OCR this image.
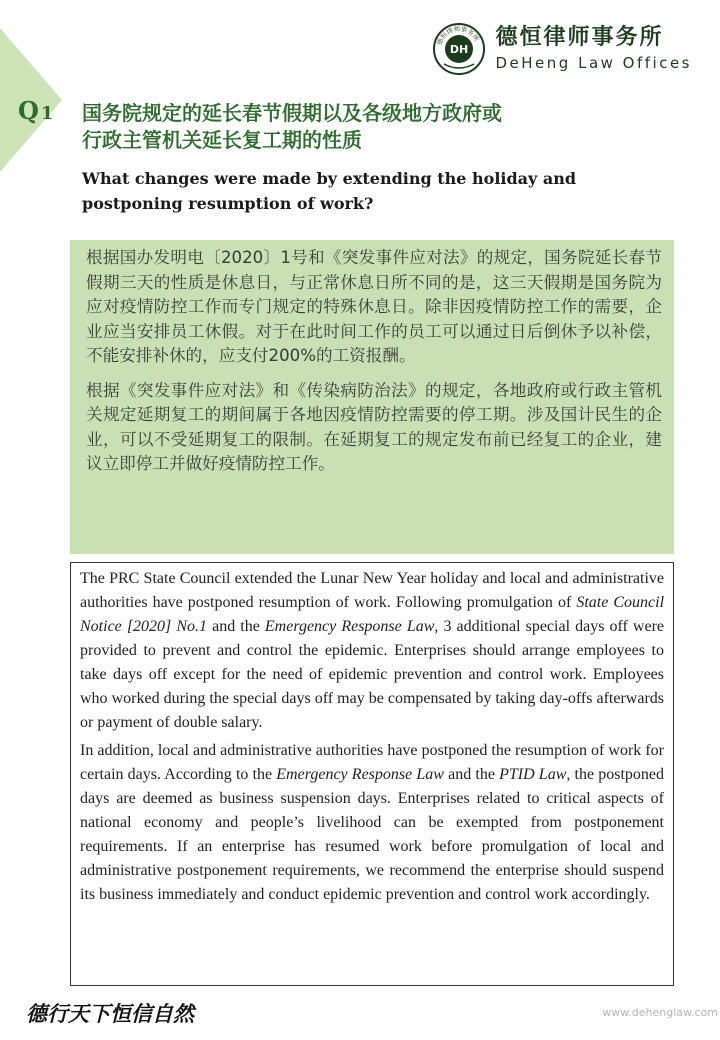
Q 1
德恒律师事务所
DH 德恒律师事务所
DeHeng Law Offices
国务院规定的延长春节假期以及各级地方政府或
行政主管机关延长复工期的性质
What changes were made by extending the holiday and
postponing resumption of work?

根据国办发明电〔2020〕1号和《突发事件应对法》的规定，国务院延长春节假期三天的性质是休息日，与正常休息日所不同的是，这三天假期是国务院为应对疫情防控工作而专门规定的特殊休息日。除非因疫情防控工作的需要，企业应当安排员工休假。对于在此时间工作的员工可以通过日后倒休予以补偿，不能安排补休的，应支付200%的工资报酬。

根据《突发事件应对法》和《传染病防治法》的规定，各地政府或行政主管机关规定延期复工的期间属于各地因疫情防控需要的停工期。涉及国计民生的企业，可以不受延期复工的限制。在延期复工的规定发布前已经复工的企业，建议立即停工并做好疫情防控工作。

The PRC State Council extended the Lunar New Year holiday and local and administrative authorities have postponed resumption of work. Following promulgation of State Council Notice [2020] No.1 and the Emergency Response Law, 3 additional special days off were provided to prevent and control the epidemic. Enterprises should arrange employees to take days off except for the need of epidemic prevention and control work. Employees who worked during the special days off may be compensated by taking day-offs afterwards or payment of double salary.

In addition, local and administrative authorities have postponed the resumption of work for certain days. According to the Emergency Response Law and the PTID Law, the postponed days are deemed as business suspension days. Enterprises related to critical aspects of national economy and people’s livelihood can be exempted from postponement requirements. If an enterprise has resumed work before promulgation of local and administrative postponement requirements, we recommend the enterprise should suspend its business immediately and conduct epidemic prevention and control work accordingly.

德行天下恒信自然	www.dehenglaw.com
